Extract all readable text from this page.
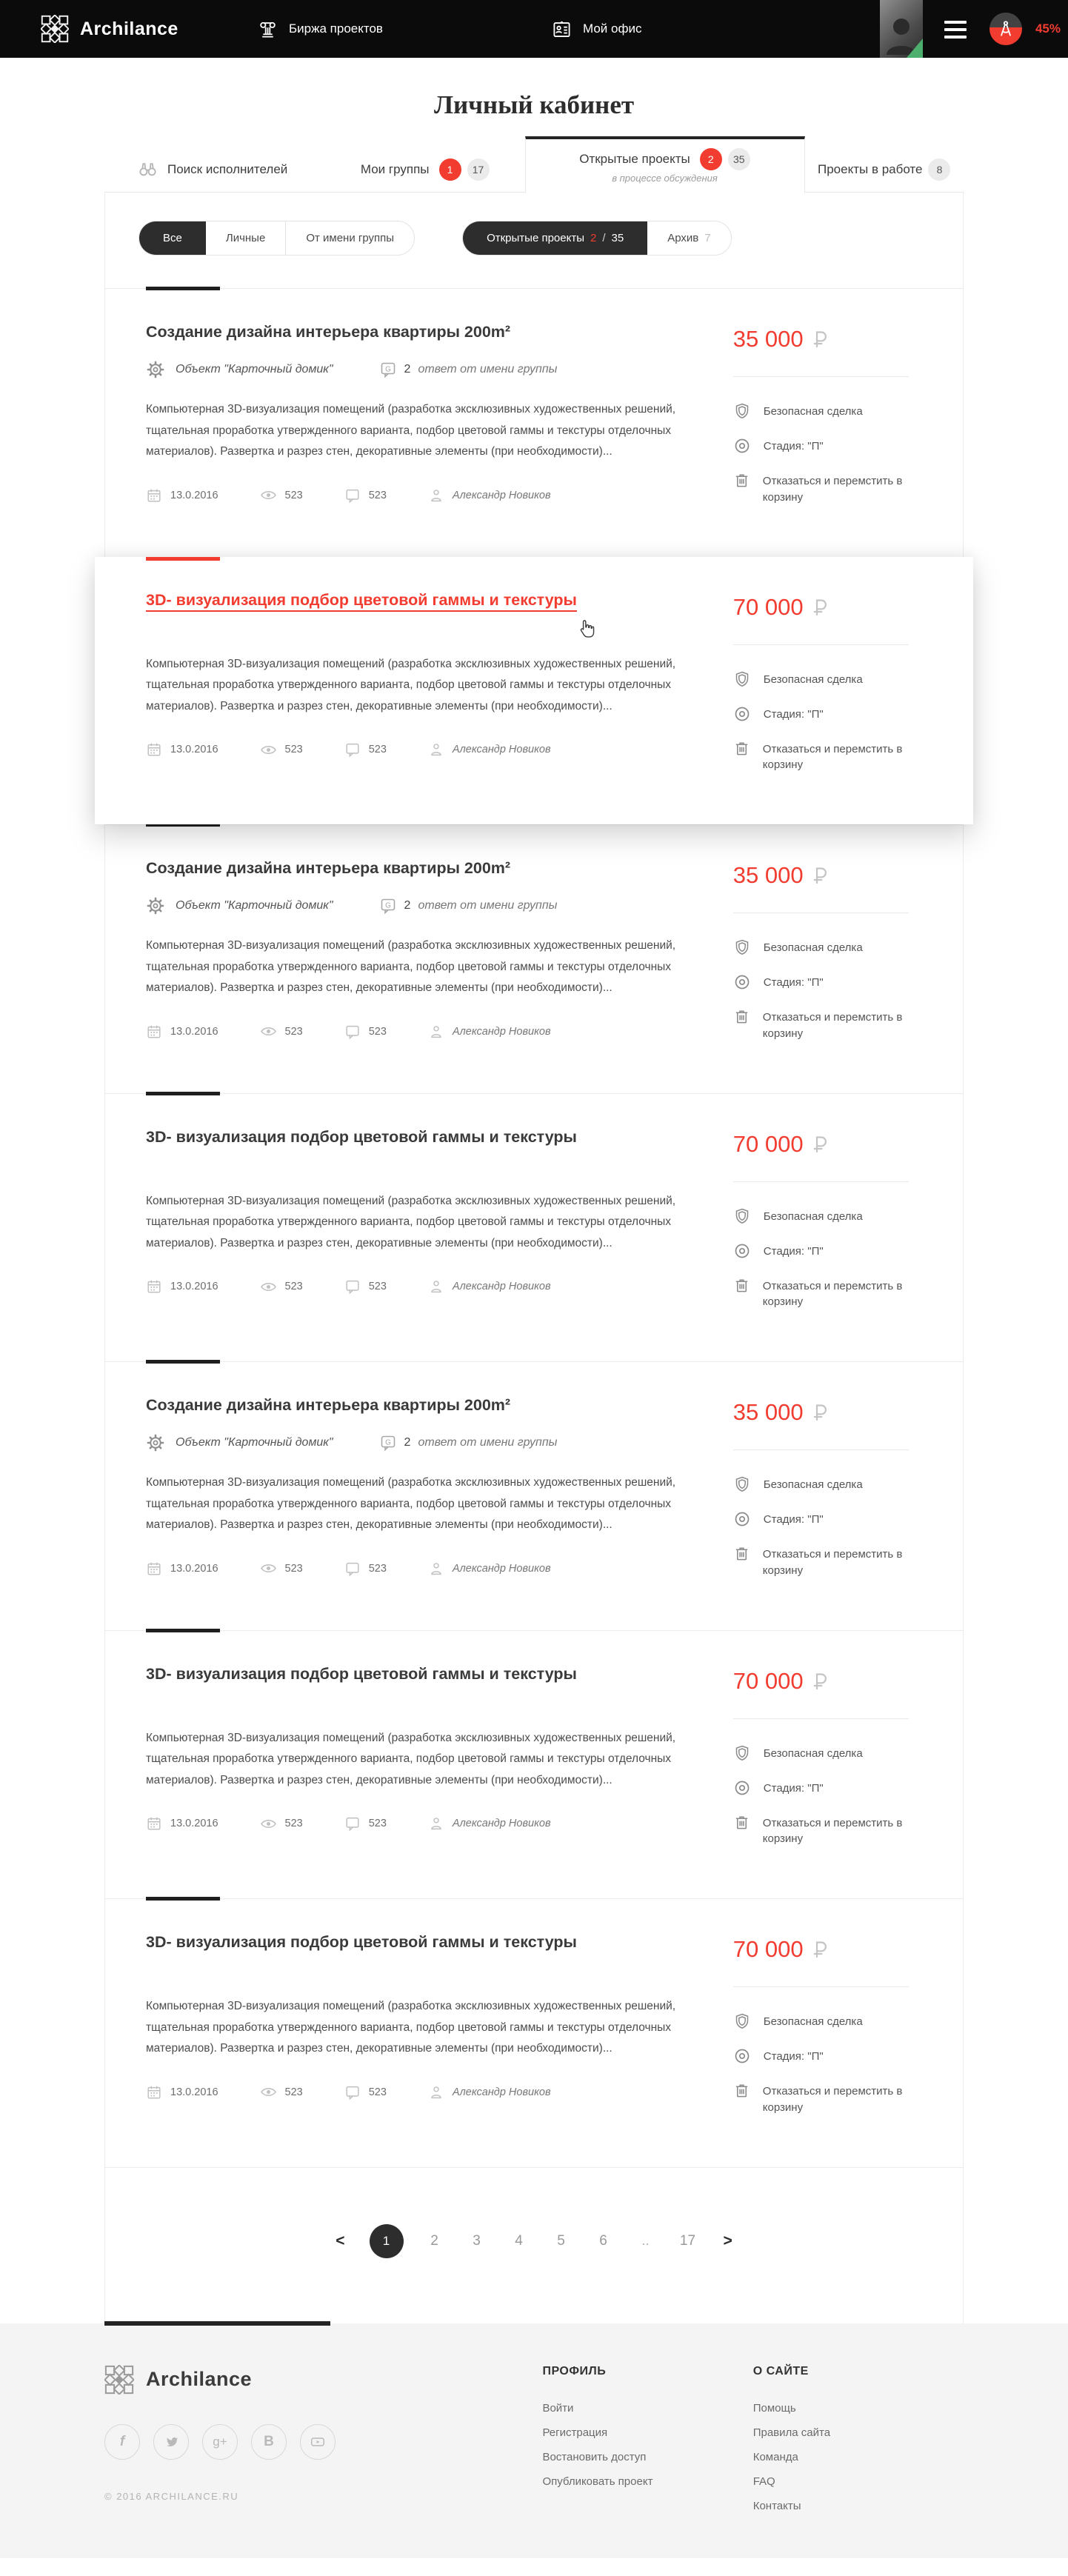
Archilance	Биржа проектов	Мой офис	45%
Личный кабинет
Поиск исполнителей	Мои группы	1	17
Открытые проекты	2	35
в процессе обсуждения
Проекты в работе	8
Все	Личные	От имени группы	Открытые проекты 2 / 35	Архив 7
Создание дизайна интерьера квартиры 200m²
Объект "Карточный домик"	2 ответ от имени группы

Компьютерная 3D-визуализация помещений (разработка эксклюзивных художественных решений, тщательная проработка утвержденного варианта, подбор цветовой гаммы и текстуры отделочных материалов). Развертка и разрез стен, декоративные элементы (при необходимости)...

13.0.2016	523	523	Александр Новиков
35 000
Безопасная сделка
Стадия: "П"
Отказаться и перемстить в корзину
3D- визуализация подбор цветовой гаммы и текстуры

Компьютерная 3D-визуализация помещений (разработка эксклюзивных художественных решений, тщательная проработка утвержденного варианта, подбор цветовой гаммы и текстуры отделочных материалов). Развертка и разрез стен, декоративные элементы (при необходимости)...

13.0.2016	523	523	Александр Новиков
70 000
Безопасная сделка
Стадия: "П"
Отказаться и перемстить в корзину
Создание дизайна интерьера квартиры 200m²
Объект "Карточный домик"	2 ответ от имени группы

Компьютерная 3D-визуализация помещений (разработка эксклюзивных художественных решений, тщательная проработка утвержденного варианта, подбор цветовой гаммы и текстуры отделочных материалов). Развертка и разрез стен, декоративные элементы (при необходимости)...

13.0.2016	523	523	Александр Новиков
35 000
Безопасная сделка
Стадия: "П"
Отказаться и перемстить в корзину
3D- визуализация подбор цветовой гаммы и текстуры

Компьютерная 3D-визуализация помещений (разработка эксклюзивных художественных решений, тщательная проработка утвержденного варианта, подбор цветовой гаммы и текстуры отделочных материалов). Развертка и разрез стен, декоративные элементы (при необходимости)...

13.0.2016	523	523	Александр Новиков
70 000
Безопасная сделка
Стадия: "П"
Отказаться и перемстить в корзину
Создание дизайна интерьера квартиры 200m²
Объект "Карточный домик"	2 ответ от имени группы

Компьютерная 3D-визуализация помещений (разработка эксклюзивных художественных решений, тщательная проработка утвержденного варианта, подбор цветовой гаммы и текстуры отделочных материалов). Развертка и разрез стен, декоративные элементы (при необходимости)...

13.0.2016	523	523	Александр Новиков
35 000
Безопасная сделка
Стадия: "П"
Отказаться и перемстить в корзину
3D- визуализация подбор цветовой гаммы и текстуры

Компьютерная 3D-визуализация помещений (разработка эксклюзивных художественных решений, тщательная проработка утвержденного варианта, подбор цветовой гаммы и текстуры отделочных материалов). Развертка и разрез стен, декоративные элементы (при необходимости)...

13.0.2016	523	523	Александр Новиков
70 000
Безопасная сделка
Стадия: "П"
Отказаться и перемстить в корзину
3D- визуализация подбор цветовой гаммы и текстуры

Компьютерная 3D-визуализация помещений (разработка эксклюзивных художественных решений, тщательная проработка утвержденного варианта, подбор цветовой гаммы и текстуры отделочных материалов). Развертка и разрез стен, декоративные элементы (при необходимости)...

13.0.2016	523	523	Александр Новиков
70 000
Безопасная сделка
Стадия: "П"
Отказаться и перемстить в корзину
<	1	2	3	4	5	6	..	17 >
Archilance
f	g+	B
© 2016 ARCHILANCE.RU
ПРОФИЛЬ
Войти
Регистрация
Востановить доступ
Опубликовать проект
О САЙТЕ
Помощь
Правила сайта
Команда
FAQ
Контакты
